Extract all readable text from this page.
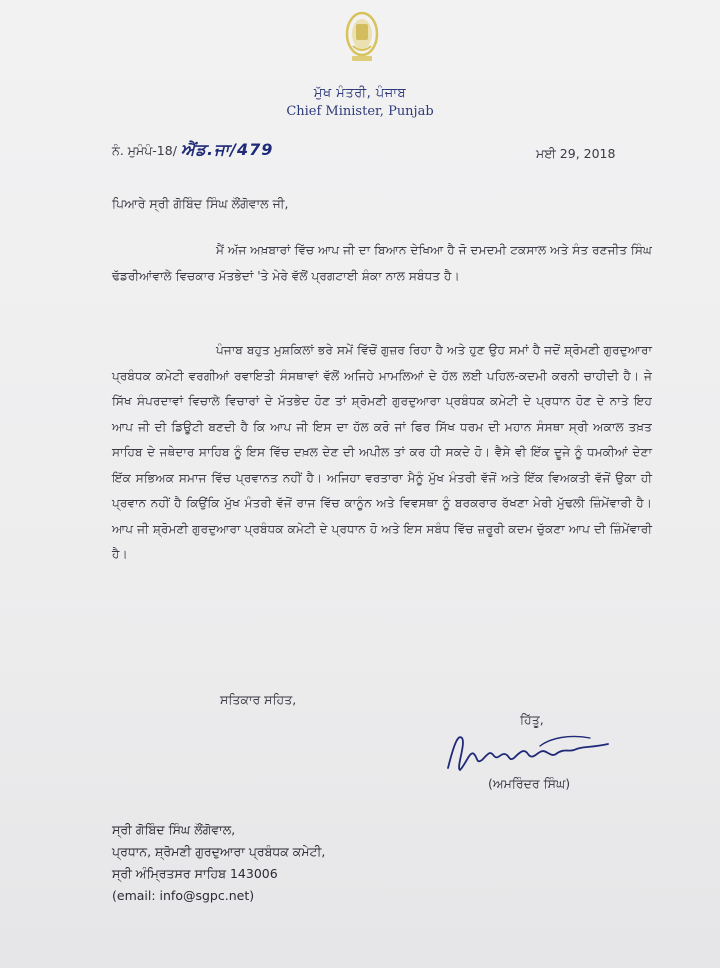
ਮੁੱਖ ਮੰਤਰੀ, ਪੰਜਾਬ
Chief Minister, Punjab
ਨੰ. ਮੁਮੰਪੰ-18/ ਐਂਡ.ਜਾ/479	ਮਈ 29, 2018
ਪਿਆਰੇ ਸ੍ਰੀ ਗੋਬਿੰਦ ਸਿੰਘ ਲੌਂਗੋਵਾਲ ਜੀ,
ਮੈਂ ਅੱਜ ਅਖ਼ਬਾਰਾਂ ਵਿੱਚ ਆਪ ਜੀ ਦਾ ਬਿਆਨ ਦੇਖਿਆ ਹੈ ਜੋ ਦਮਦਮੀ ਟਕਸਾਲ ਅਤੇ ਸੰਤ ਰਣਜੀਤ ਸਿੰਘ ਢੱਡਰੀਆਂਵਾਲੇ ਵਿਚਕਾਰ ਮੱਤਭੇਦਾਂ 'ਤੇ ਮੇਰੇ ਵੱਲੋਂ ਪ੍ਰਗਟਾਈ ਸ਼ੰਕਾ ਨਾਲ ਸਬੰਧਤ ਹੈ।
ਪੰਜਾਬ ਬਹੁਤ ਮੁਸ਼ਕਿਲਾਂ ਭਰੇ ਸਮੇਂ ਵਿੱਚੋਂ ਗੁਜ਼ਰ ਰਿਹਾ ਹੈ ਅਤੇ ਹੁਣ ਉਹ ਸਮਾਂ ਹੈ ਜਦੋਂ ਸ਼੍ਰੋਮਣੀ ਗੁਰਦੁਆਰਾ ਪ੍ਰਬੰਧਕ ਕਮੇਟੀ ਵਰਗੀਆਂ ਰਵਾਇਤੀ ਸੰਸਥਾਵਾਂ ਵੱਲੋਂ ਅਜਿਹੇ ਮਾਮਲਿਆਂ ਦੇ ਹੱਲ ਲਈ ਪਹਿਲ-ਕਦਮੀ ਕਰਨੀ ਚਾਹੀਦੀ ਹੈ। ਜੇ ਸਿੱਖ ਸੰਪਰਦਾਵਾਂ ਵਿਚਾਲੇ ਵਿਚਾਰਾਂ ਦੇ ਮੱਤਭੇਦ ਹੋਣ ਤਾਂ ਸ਼੍ਰੋਮਣੀ ਗੁਰਦੁਆਰਾ ਪ੍ਰਬੰਧਕ ਕਮੇਟੀ ਦੇ ਪ੍ਰਧਾਨ ਹੋਣ ਦੇ ਨਾਤੇ ਇਹ ਆਪ ਜੀ ਦੀ ਡਿਊਟੀ ਬਣਦੀ ਹੈ ਕਿ ਆਪ ਜੀ ਇਸ ਦਾ ਹੱਲ ਕਰੋ ਜਾਂ ਫਿਰ ਸਿੱਖ ਧਰਮ ਦੀ ਮਹਾਨ ਸੰਸਥਾ ਸ੍ਰੀ ਅਕਾਲ ਤਖ਼ਤ ਸਾਹਿਬ ਦੇ ਜਥੇਦਾਰ ਸਾਹਿਬ ਨੂੰ ਇਸ ਵਿੱਚ ਦਖ਼ਲ ਦੇਣ ਦੀ ਅਪੀਲ ਤਾਂ ਕਰ ਹੀ ਸਕਦੇ ਹੋ। ਵੈਸੇ ਵੀ ਇੱਕ ਦੂਜੇ ਨੂੰ ਧਮਕੀਆਂ ਦੇਣਾ ਇੱਕ ਸਭਿਅਕ ਸਮਾਜ ਵਿੱਚ ਪ੍ਰਵਾਨਤ ਨਹੀਂ ਹੈ। ਅਜਿਹਾ ਵਰਤਾਰਾ ਮੈਨੂੰ ਮੁੱਖ ਮੰਤਰੀ ਵੱਜੋਂ ਅਤੇ ਇੱਕ ਵਿਅਕਤੀ ਵੱਜੋਂ ਉਕਾ ਹੀ ਪ੍ਰਵਾਨ ਨਹੀਂ ਹੈ ਕਿਉਂਕਿ ਮੁੱਖ ਮੰਤਰੀ ਵੱਜੋਂ ਰਾਜ ਵਿੱਚ ਕਾਨੂੰਨ ਅਤੇ ਵਿਵਸਥਾ ਨੂੰ ਬਰਕਰਾਰ ਰੱਖਣਾ ਮੇਰੀ ਮੁੱਢਲੀ ਜ਼ਿੰਮੇਂਵਾਰੀ ਹੈ। ਆਪ ਜੀ ਸ਼੍ਰੋਮਣੀ ਗੁਰਦੁਆਰਾ ਪ੍ਰਬੰਧਕ ਕਮੇਟੀ ਦੇ ਪ੍ਰਧਾਨ ਹੋ ਅਤੇ ਇਸ ਸਬੰਧ ਵਿੱਚ ਜ਼ਰੂਰੀ ਕਦਮ ਚੁੱਕਣਾ ਆਪ ਦੀ ਜ਼ਿੰਮੇਂਵਾਰੀ ਹੈ।
ਸਤਿਕਾਰ ਸਹਿਤ,
ਹਿੱਤੂ,
(ਅਮਰਿੰਦਰ ਸਿੰਘ)
ਸ੍ਰੀ ਗੋਬਿੰਦ ਸਿੰਘ ਲੌਂਗੋਵਾਲ,
ਪ੍ਰਧਾਨ, ਸ਼੍ਰੋਮਣੀ ਗੁਰਦੁਆਰਾ ਪ੍ਰਬੰਧਕ ਕਮੇਟੀ,
ਸ੍ਰੀ ਅੰਮ੍ਰਿਤਸਰ ਸਾਹਿਬ 143006
(email: info@sgpc.net)
